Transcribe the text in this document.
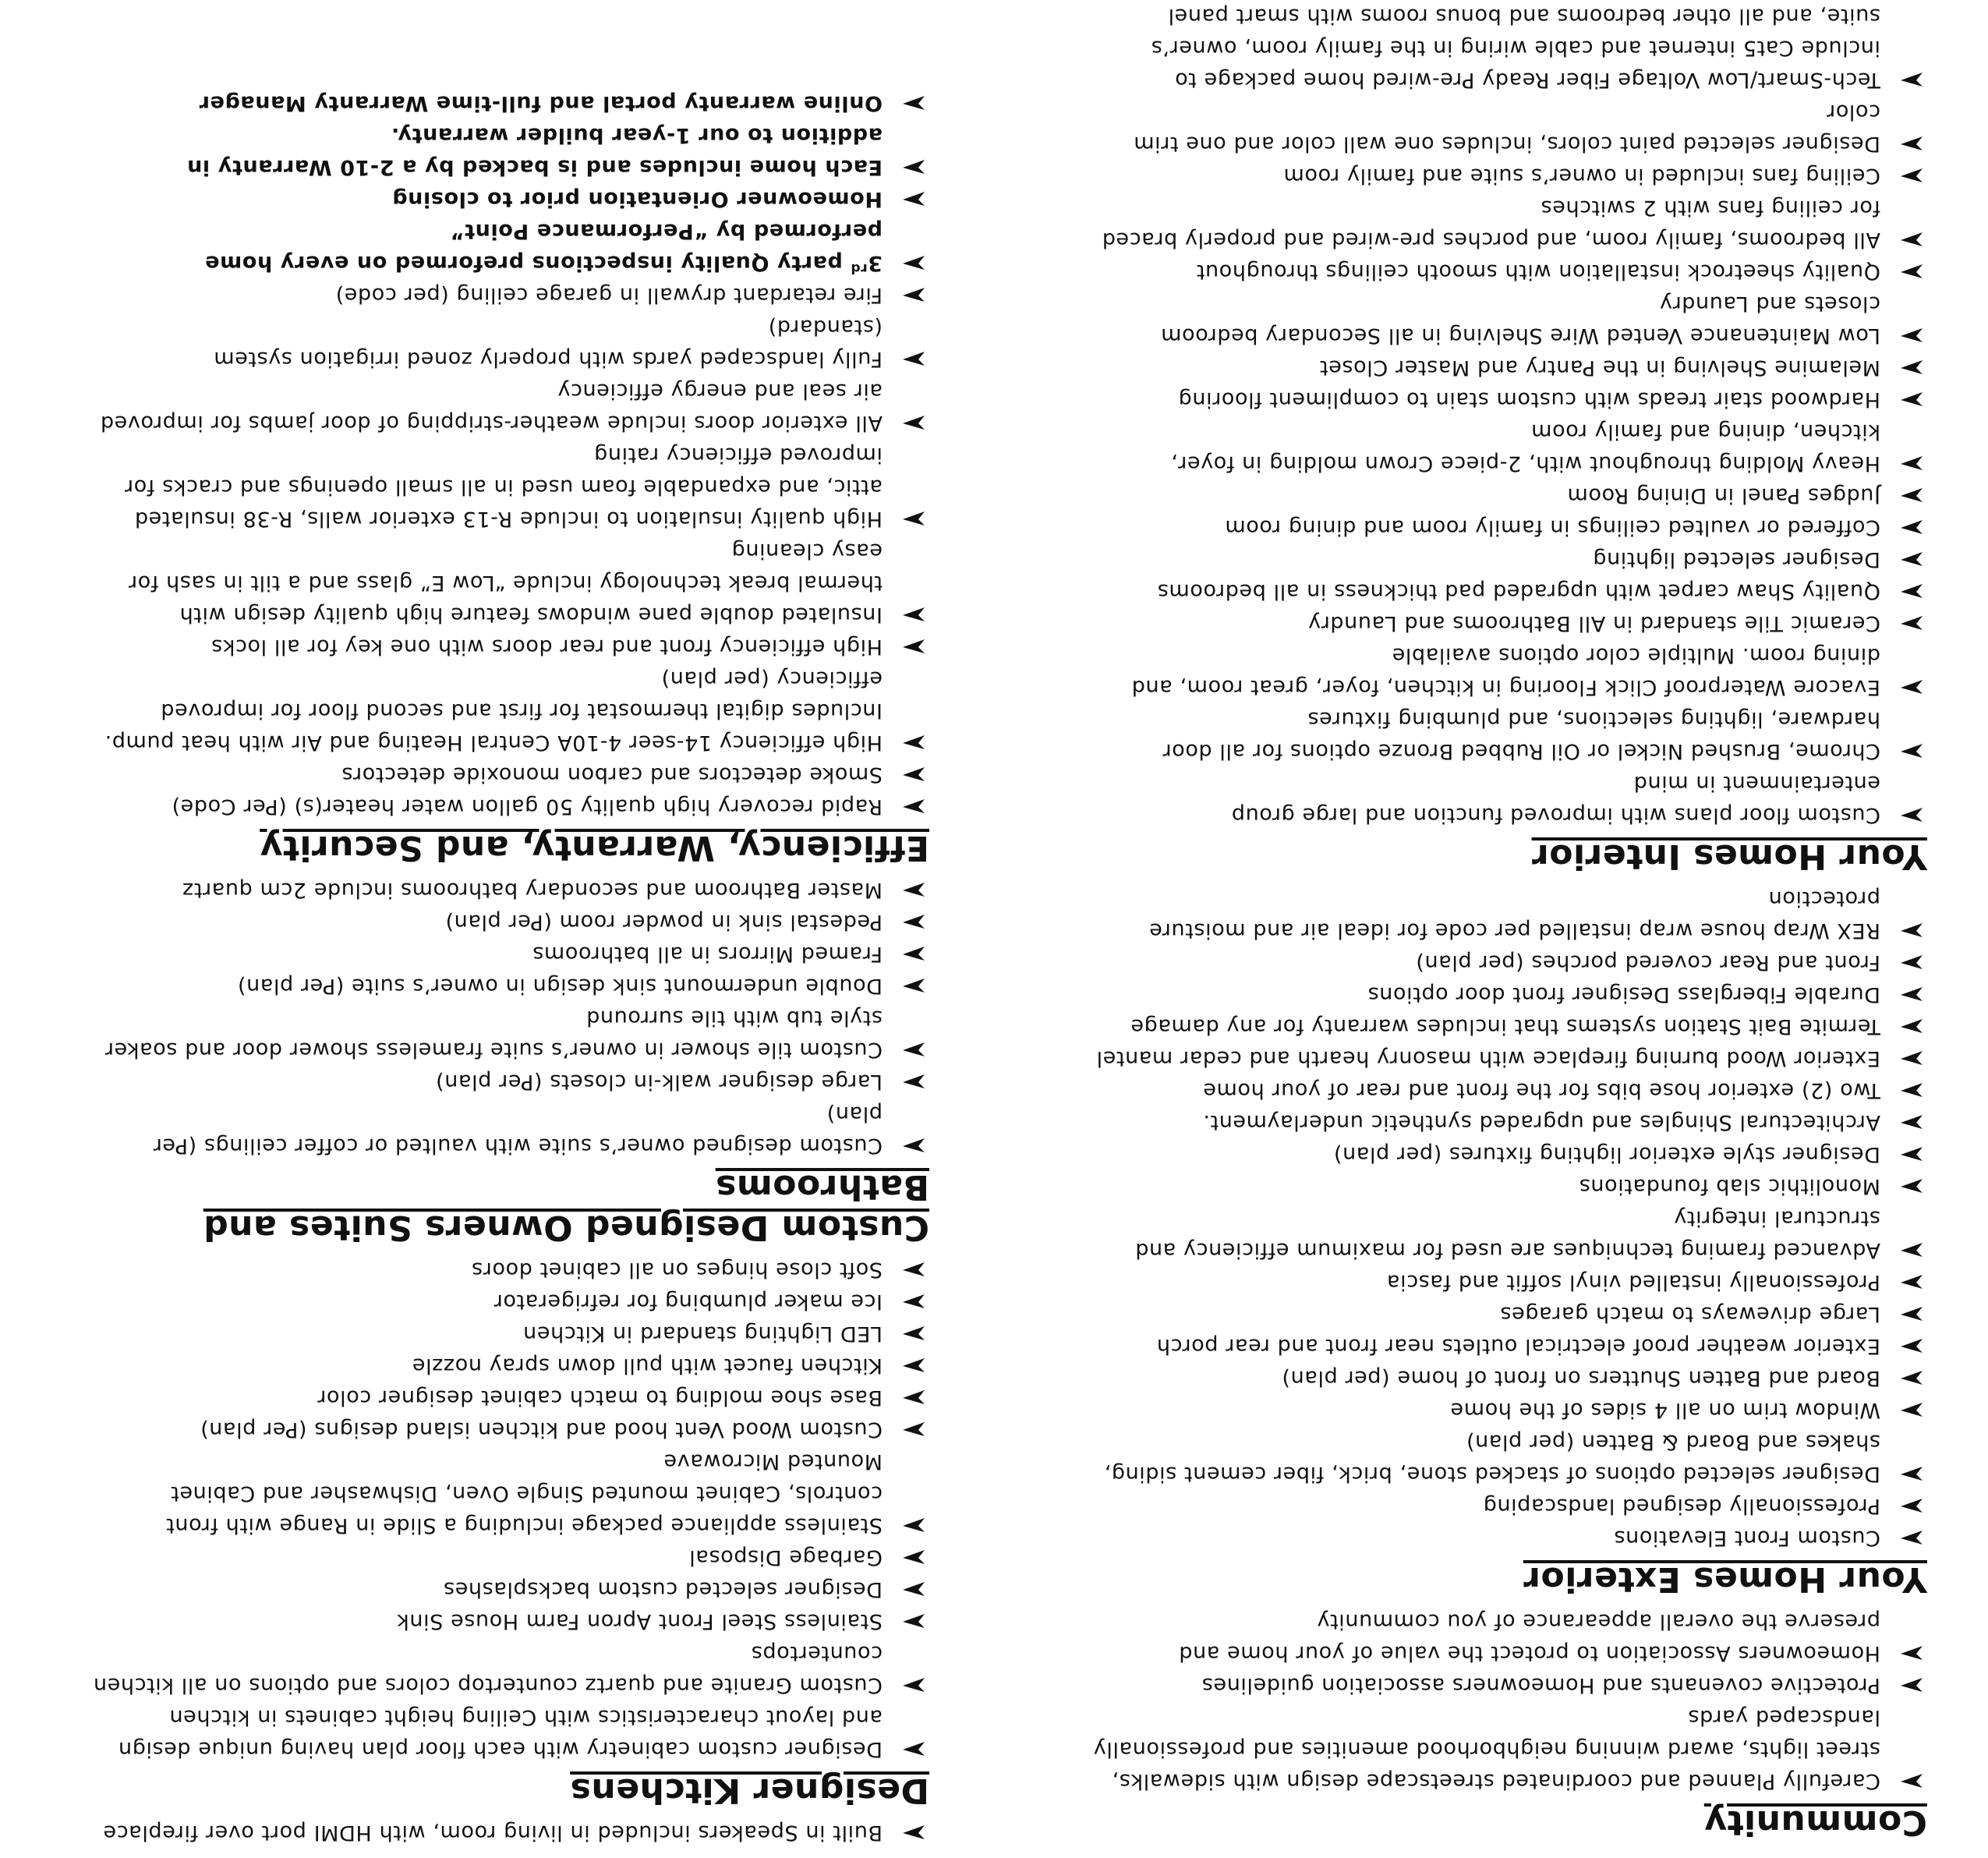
Built in Speakers included in living room, with HDMI port over fireplace
Designer Kitchens
Designer custom cabinetry with each floor plan having unique design and layout characteristics with Ceiling height cabinets in kitchen
Custom Granite and quartz countertop colors and options on all kitchen countertops
Stainless Steel Front Apron Farm House Sink
Designer selected custom backsplashes
Garbage Disposal
Stainless appliance package including a Slide in Range with front controls, Cabinet mounted Single Oven, Dishwasher and Cabinet Mounted Microwave
Custom Wood Vent hood and kitchen island designs (Per plan)
Base shoe molding to match cabinet designer color
Kitchen faucet with pull down spray nozzle
LED Lighting standard in Kitchen
Ice maker plumbing for refrigerator
Soft close hinges on all cabinet doors
Custom Designed Owners Suites and Bathrooms
Custom designed owner’s suite with vaulted or coffer ceilings (Per plan)
Large designer walk-in closets (Per plan)
Custom tile shower in owner’s suite frameless shower door and soaker style tub with tile surround
Double undermount sink design in owner’s suite (Per plan)
Framed Mirrors in all bathrooms
Pedestal sink in powder room (Per plan)
Master Bathroom and secondary bathrooms include 2cm quartz
Efficiency, Warranty, and Security
Rapid recovery high quality 50 gallon water heater(s) (Per Code)
Smoke detectors and carbon monoxide detectors
High efficiency 14-seer 4-10A Central Heating and Air with heat pump. Includes digital thermostat for first and second floor for improved efficiency (per plan)
High efficiency front and rear doors with one key for all locks
Insulated double pane windows feature high quality design with thermal break technology include “Low E” glass and a tilt in sash for easy cleaning
High quality insulation to include R-13 exterior walls, R-38 insulated attic, and expandable foam used in all small openings and cracks for improved efficiency rating
All exterior doors include weather-stripping of door jambs for improved air seal and energy efficiency
Fully landscaped yards with properly zoned irrigation system (standard)
Fire retardant drywall in garage ceiling (per code)
3rd party Quality inspections preformed on every home performed by “Performance Point”
Homeowner Orientation prior to closing
Each home includes and is backed by a 2-10 Warranty in addition to our 1-year builder warranty.
Online warranty portal and full-time Warranty Manager
Community
Carefully Planned and coordinated streetscape design with sidewalks, street lights, award winning neighborhood amenities and professionally landscaped yards
Protective covenants and Homeowners association guidelines
Homeowners Association to protect the value of your home and preserve the overall appearance of you community
Your Homes Exterior
Custom Front Elevations
Professionally designed landscaping
Designer selected options of stacked stone, brick, fiber cement siding, shakes and Board & Batten (per plan)
Window trim on all 4 sides of the home
Board and Batten Shutters on front of home (per plan)
Exterior weather proof electrical outlets near front and rear porch
Large driveways to match garages
Professionally installed vinyl soffit and fascia
Advanced framing techniques are used for maximum efficiency and structural integrity
Monolithic slab foundations
Designer style exterior lighting fixtures (per plan)
Architectural Shingles and upgraded synthetic underlayment.
Two (2) exterior hose bibs for the front and rear of your home
Exterior Wood burning fireplace with masonry hearth and cedar mantel
Termite Bait Station systems that includes warranty for any damage
Durable Fiberglass Designer front door options
Front and Rear covered porches (per plan)
REX Wrap house wrap installed per code for ideal air and moisture protection
Your Homes Interior
Custom floor plans with improved function and large group entertainment in mind
Chrome, Brushed Nickel or Oil Rubbed Bronze options for all door hardware, lighting selections, and plumbing fixtures
Evacore Waterproof Click Flooring in kitchen, foyer, great room, and dining room. Multiple color options available
Ceramic Tile standard in All Bathrooms and Laundry
Quality Shaw carpet with upgraded pad thickness in all bedrooms
Designer selected lighting
Coffered or vaulted ceilings in family room and dining room
Judges Panel in Dining Room
Heavy Molding throughout with, 2-piece Crown molding in foyer, kitchen, dining and family room
Hardwood stair treads with custom stain to compliment flooring
Melamine Shelving in the Pantry and Master Closet
Low Maintenance Vented Wire Shelving in all Secondary bedroom closets and Laundry
Quality sheetrock installation with smooth ceilings throughout
All bedrooms, family room, and porches pre-wired and properly braced for ceiling fans with 2 switches
Ceiling fans included in owner’s suite and family room
Designer selected paint colors, includes one wall color and one trim color
Tech-Smart/Low Voltage Fiber Ready Pre-wired home package to include Cat5 internet and cable wiring in the family room, owner’s suite, and all other bedrooms and bonus rooms with smart panel
